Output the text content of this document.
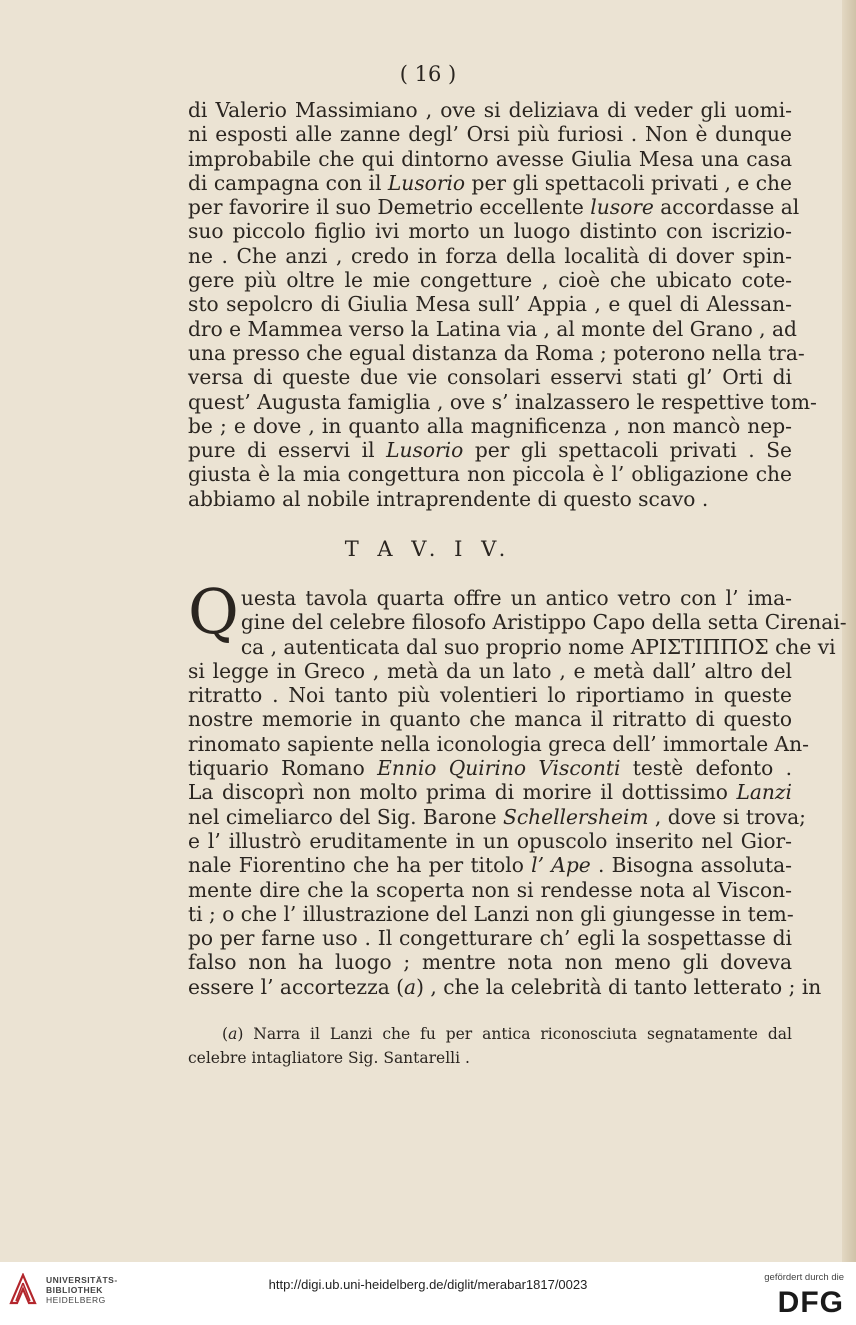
( 16 )
di Valerio Massimiano , ove si deliziava di veder gli uomi-
ni esposti alle zanne degl’ Orsi più furiosi . Non è dunque
improbabile che qui dintorno avesse Giulia Mesa una casa
di campagna con il Lusorio per gli spettacoli privati , e che
per favorire il suo Demetrio eccellente lusore accordasse al
suo piccolo figlio ivi morto un luogo distinto con iscrizio-
ne . Che anzi , credo in forza della località di dover spin-
gere più oltre le mie congetture , cioè che ubicato cote-
sto sepolcro di Giulia Mesa sull’ Appia , e quel di Alessan-
dro e Mammea verso la Latina via , al monte del Grano , ad
una presso che egual distanza da Roma ; poterono nella tra-
versa di queste due vie consolari esservi stati gl’ Orti di
quest’ Augusta famiglia , ove s’ inalzassero le respettive tom-
be ; e dove , in quanto alla magnificenza , non mancò nep-
pure di esservi il Lusorio per gli spettacoli privati . Se
giusta è la mia congettura non piccola è l’ obligazione che
abbiamo al nobile intraprendente di questo scavo .
T A V. I V.
Q uesta tavola quarta offre un antico vetro con l’ ima-
gine del celebre filosofo Aristippo Capo della setta Cirenai-
ca , autenticata dal suo proprio nome ΑΡΙΣΤΙΠΠΟΣ che vi
si legge in Greco , metà da un lato , e metà dall’ altro del
ritratto . Noi tanto più volentieri lo riportiamo in queste
nostre memorie in quanto che manca il ritratto di questo
rinomato sapiente nella iconologia greca dell’ immortale An-
tiquario Romano Ennio Quirino Visconti testè defonto .
La discoprì non molto prima di morire il dottissimo Lanzi
nel cimeliarco del Sig. Barone Schellersheim , dove si trova;
e l’ illustrò eruditamente in un opuscolo inserito nel Gior-
nale Fiorentino che ha per titolo l’ Ape . Bisogna assoluta-
mente dire che la scoperta non si rendesse nota al Viscon-
ti ; o che l’ illustrazione del Lanzi non gli giungesse in tem-
po per farne uso . Il congetturare ch’ egli la sospettasse di
falso non ha luogo ; mentre nota non meno gli doveva
essere l’ accortezza (a) , che la celebrità di tanto letterato ; in
(a) Narra il Lanzi che fu per antica riconosciuta segnatamente dal
celebre intagliatore Sig. Santarelli .
UNIVERSITÄTS-
BIBLIOTHEK
HEIDELBERG
http://digi.ub.uni-heidelberg.de/diglit/merabar1817/0023	gefördert durch die
DFG
